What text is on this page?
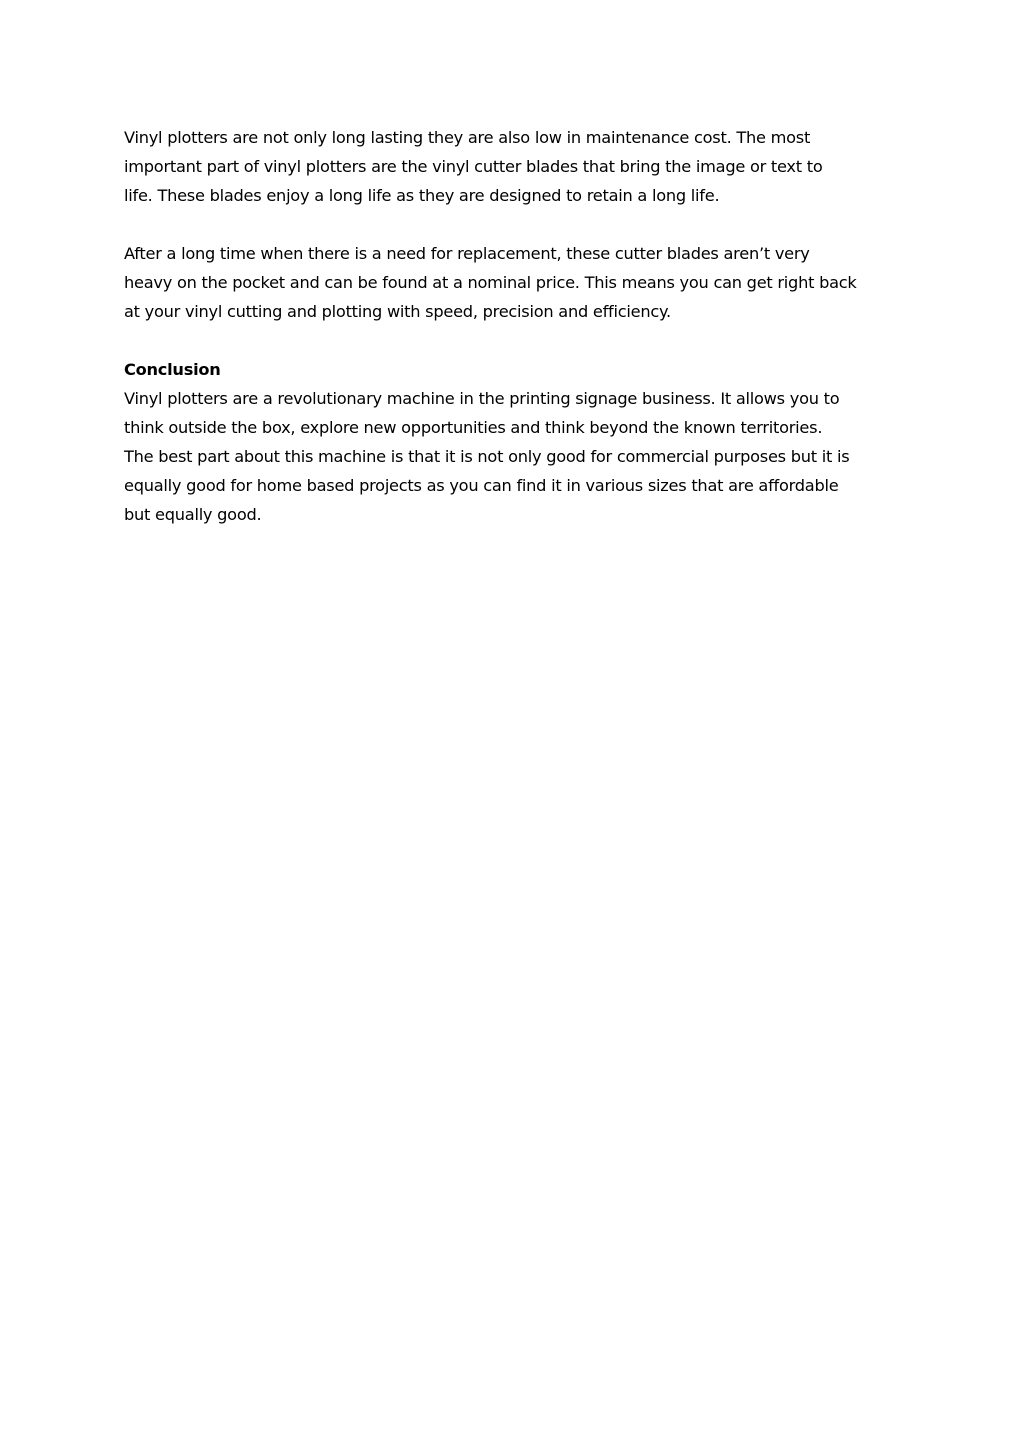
Vinyl plotters are not only long lasting they are also low in maintenance cost. The most
important part of vinyl plotters are the vinyl cutter blades that bring the image or text to
life. These blades enjoy a long life as they are designed to retain a long life.

After a long time when there is a need for replacement, these cutter blades aren’t very
heavy on the pocket and can be found at a nominal price. This means you can get right back
at your vinyl cutting and plotting with speed, precision and efficiency.

Conclusion

Vinyl plotters are a revolutionary machine in the printing signage business. It allows you to
think outside the box, explore new opportunities and think beyond the known territories.
The best part about this machine is that it is not only good for commercial purposes but it is
equally good for home based projects as you can find it in various sizes that are affordable
but equally good.
